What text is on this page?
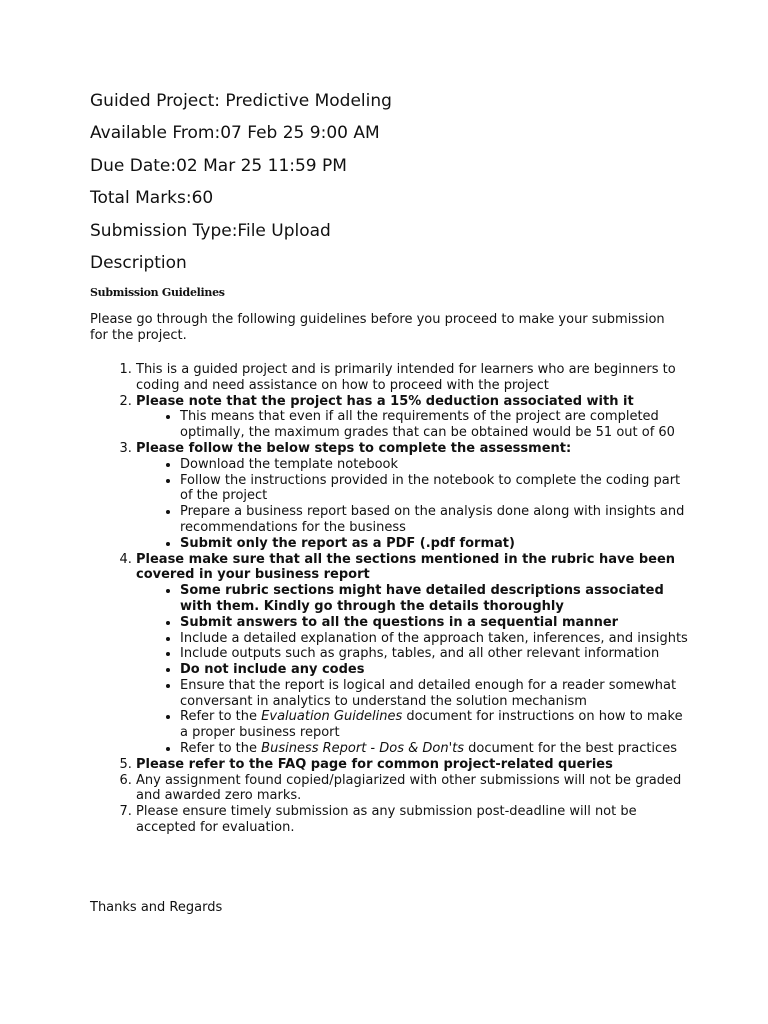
Guided Project: Predictive Modeling
Available From:07 Feb 25 9:00 AM
Due Date:02 Mar 25 11:59 PM
Total Marks:60
Submission Type:File Upload
Description
Submission Guidelines

Please go through the following guidelines before you proceed to make your submission for the project.

1. This is a guided project and is primarily intended for learners who are beginners to coding and need assistance on how to proceed with the project
2. Please note that the project has a 15% deduction associated with it
• This means that even if all the requirements of the project are completed optimally, the maximum grades that can be obtained would be 51 out of 60
3. Please follow the below steps to complete the assessment:
• Download the template notebook
• Follow the instructions provided in the notebook to complete the coding part of the project
• Prepare a business report based on the analysis done along with insights and recommendations for the business
• Submit only the report as a PDF (.pdf format)
4. Please make sure that all the sections mentioned in the rubric have been covered in your business report
• Some rubric sections might have detailed descriptions associated with them. Kindly go through the details thoroughly
• Submit answers to all the questions in a sequential manner
• Include a detailed explanation of the approach taken, inferences, and insights
• Include outputs such as graphs, tables, and all other relevant information
• Do not include any codes
• Ensure that the report is logical and detailed enough for a reader somewhat conversant in analytics to understand the solution mechanism
• Refer to the Evaluation Guidelines document for instructions on how to make a proper business report
• Refer to the Business Report - Dos & Don'ts document for the best practices
5. Please refer to the FAQ page for common project-related queries
6. Any assignment found copied/plagiarized with other submissions will not be graded and awarded zero marks.
7. Please ensure timely submission as any submission post-deadline will not be accepted for evaluation.
Thanks and Regards
